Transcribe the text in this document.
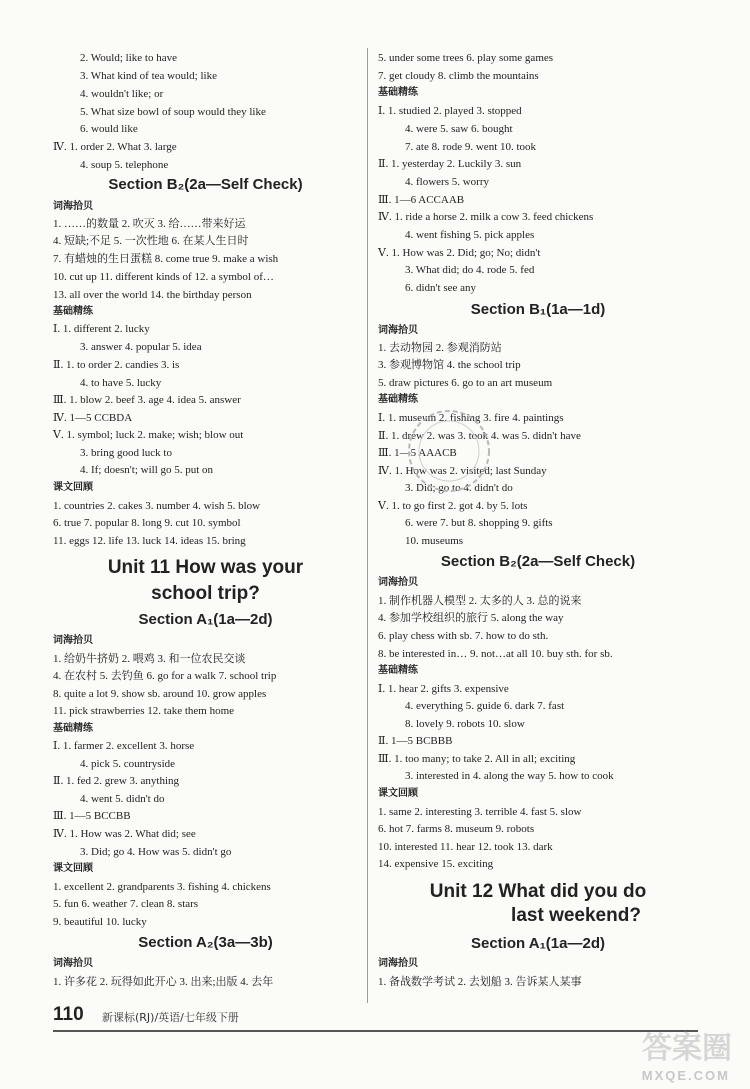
2. Would; like to have
3. What kind of tea would; like
4. wouldn't like; or
5. What size bowl of soup would they like
6. would like
Ⅳ. 1. order 2. What 3. large
4. soup 5. telephone
Section B₂(2a—Self Check)
词海拾贝
1. ……的数量 2. 吹灭 3. 给……带来好运
4. 短缺;不足 5. 一次性地 6. 在某人生日时
7. 有蜡烛的生日蛋糕 8. come true 9. make a wish
10. cut up 11. different kinds of 12. a symbol of…
13. all over the world 14. the birthday person
基础精练
Ⅰ. 1. different 2. lucky
3. answer 4. popular 5. idea
Ⅱ. 1. to order 2. candies 3. is
4. to have 5. lucky
Ⅲ. 1. blow 2. beef 3. age 4. idea 5. answer
Ⅳ. 1—5 CCBDA
Ⅴ. 1. symbol; luck 2. make; wish; blow out
3. bring good luck to
4. If; doesn't; will go 5. put on
课文回顾
1. countries 2. cakes 3. number 4. wish 5. blow
6. true 7. popular 8. long 9. cut 10. symbol
11. eggs 12. life 13. luck 14. ideas 15. bring
Unit 11 How was your
school trip?
Section A₁(1a—2d)
词海拾贝
1. 给奶牛挤奶 2. 喂鸡 3. 和一位农民交谈
4. 在农村 5. 去钓鱼 6. go for a walk 7. school trip
8. quite a lot 9. show sb. around 10. grow apples
11. pick strawberries 12. take them home
基础精练
Ⅰ. 1. farmer 2. excellent 3. horse
4. pick 5. countryside
Ⅱ. 1. fed 2. grew 3. anything
4. went 5. didn't do
Ⅲ. 1—5 BCCBB
Ⅳ. 1. How was 2. What did; see
3. Did; go 4. How was 5. didn't go
课文回顾
1. excellent 2. grandparents 3. fishing 4. chickens
5. fun 6. weather 7. clean 8. stars
9. beautiful 10. lucky
Section A₂(3a—3b)
词海拾贝
1. 许多花 2. 玩得如此开心 3. 出来;出版 4. 去年
5. under some trees 6. play some games
7. get cloudy 8. climb the mountains
基础精练
Ⅰ. 1. studied 2. played 3. stopped
4. were 5. saw 6. bought
7. ate 8. rode 9. went 10. took
Ⅱ. 1. yesterday 2. Luckily 3. sun
4. flowers 5. worry
Ⅲ. 1—6 ACCAAB
Ⅳ. 1. ride a horse 2. milk a cow 3. feed chickens
4. went fishing 5. pick apples
Ⅴ. 1. How was 2. Did; go; No; didn't
3. What did; do 4. rode 5. fed
6. didn't see any
Section B₁(1a—1d)
词海拾贝
1. 去动物园 2. 参观消防站
3. 参观博物馆 4. the school trip
5. draw pictures 6. go to an art museum
基础精练
Ⅰ. 1. museum 2. fishing 3. fire 4. paintings
Ⅱ. 1. drew 2. was 3. took 4. was 5. didn't have
Ⅲ. 1—5 AAACB
Ⅳ. 1. How was 2. visited; last Sunday
3. Did; go to 4. didn't do
Ⅴ. 1. to go first 2. got 4. by 5. lots
6. were 7. but 8. shopping 9. gifts
10. museums
Section B₂(2a—Self Check)
词海拾贝
1. 制作机器人模型 2. 太多的人 3. 总的说来
4. 参加学校组织的旅行 5. along the way
6. play chess with sb. 7. how to do sth.
8. be interested in… 9. not…at all 10. buy sth. for sb.
基础精练
Ⅰ. 1. hear 2. gifts 3. expensive
4. everything 5. guide 6. dark 7. fast
8. lovely 9. robots 10. slow
Ⅱ. 1—5 BCBBB
Ⅲ. 1. too many; to take 2. All in all; exciting
3. interested in 4. along the way 5. how to cook
课文回顾
1. same 2. interesting 3. terrible 4. fast 5. slow
6. hot 7. farms 8. museum 9. robots
10. interested 11. hear 12. took 13. dark
14. expensive 15. exciting
Unit 12 What did you do
last weekend?
Section A₁(1a—2d)
词海拾贝
1. 备战数学考试 2. 去划船 3. 告诉某人某事
110 新课标(RJ)/英语/七年级下册
答案圈
MXQE.COM
